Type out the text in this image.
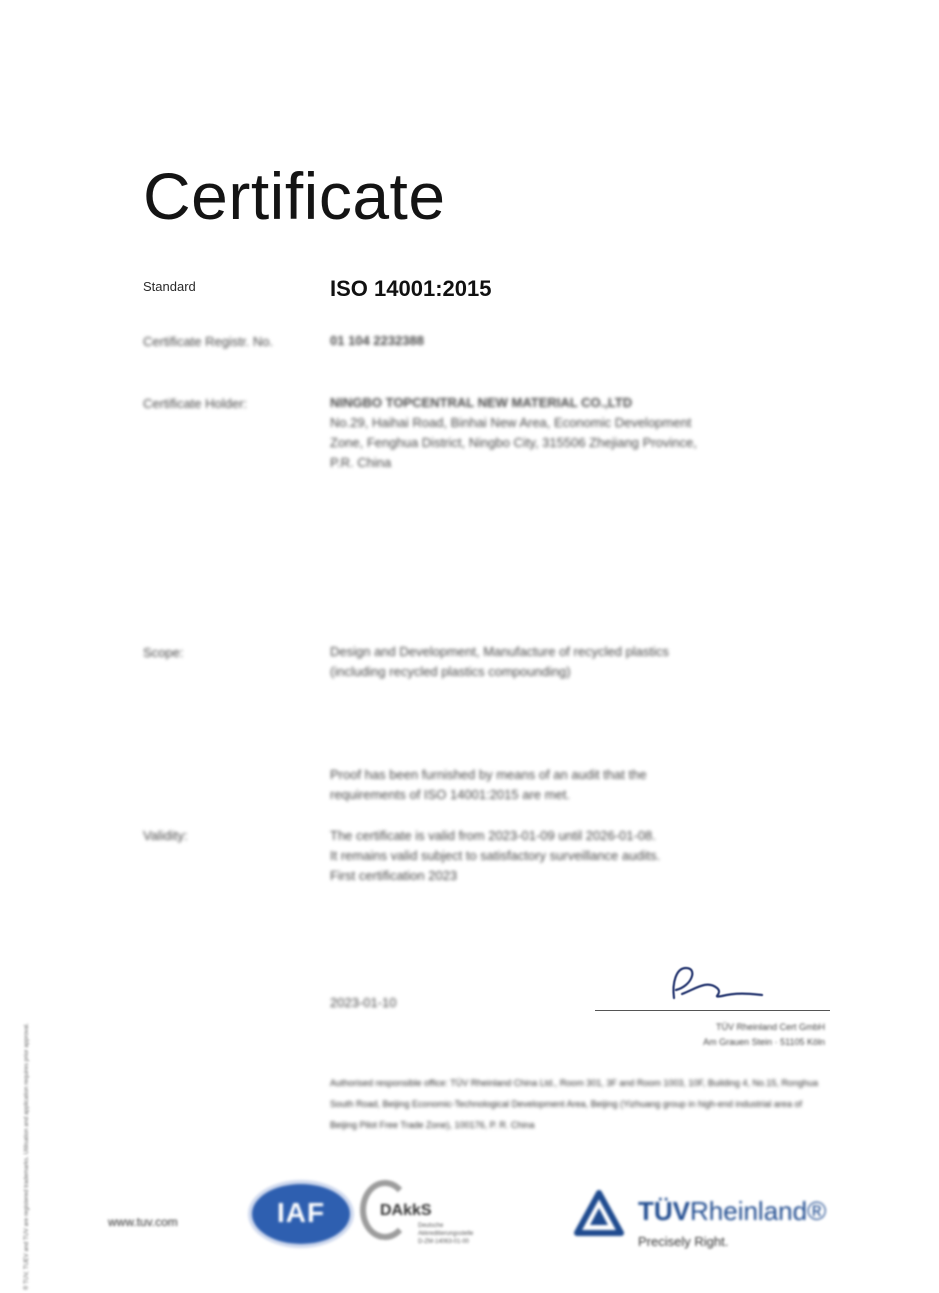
Certificate
Standard	ISO 14001:2015
Certificate Registr. No.	01 104 2232388
Certificate Holder:	NINGBO TOPCENTRAL NEW MATERIAL CO.,LTD
No.29, Haihai Road, Binhai New Area, Economic Development
Zone, Fenghua District, Ningbo City, 315506 Zhejiang Province,
P.R. China
Scope:	Design and Development, Manufacture of recycled plastics
(including recycled plastics compounding)
Proof has been furnished by means of an audit that the
requirements of ISO 14001:2015 are met.
Validity:	The certificate is valid from 2023-01-09 until 2026-01-08.
It remains valid subject to satisfactory surveillance audits.
First certification 2023
2023-01-10
TÜV Rheinland Cert GmbH
Am Grauen Stein · 51105 Köln
Authorised responsible office: TÜV Rheinland China Ltd., Room 301, 3F and Room 1003, 10F, Building 4, No.15, Ronghua South Road, Beijing Economic-Technological Development Area, Beijing (Yizhuang group in high-end industrial area of Beijing Pilot Free Trade Zone), 100176, P. R. China
® TÜV, TUEV and TUV are registered trademarks. Utilisation and application requires prior approval.	www.tuv.com	IAF	DAkkS
Deutsche
Akkreditierungsstelle
D-ZM-14063-01-00
TÜVRheinland®
Precisely Right.
